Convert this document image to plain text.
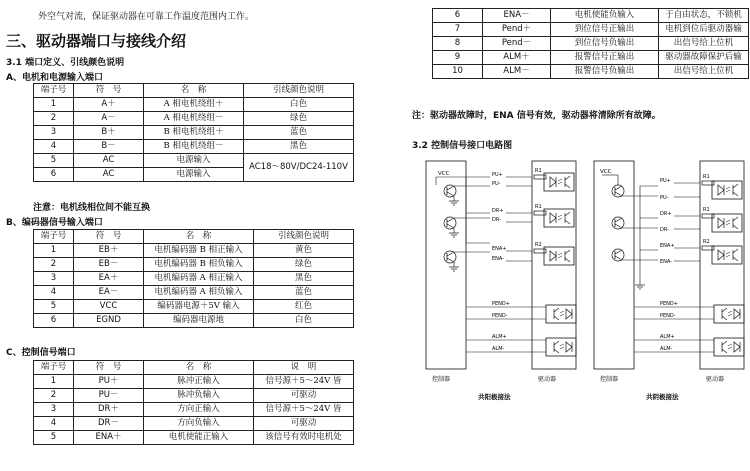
外空气对流，保证驱动器在可靠工作温度范围内工作。
三、驱动器端口与接线介绍
3.1 端口定义、引线颜色说明
A、电机和电源输入端口
端子号	符　号	名　称	引线颜色说明
1	A＋	A 相电机绕组＋	白色
2	A－	A 相电机绕组－	绿色
3	B＋	B 相电机绕组＋	蓝色
4	B－	B 相电机绕组－	黑色
5	AC	电源输入	AC18～80V/DC24-110V
6	AC	电源输入	
注意：电机线相位间不能互换
B、编码器信号输入端口
端子号	符　号	名　称	引线颜色说明
1	EB＋	电机编码器 B 相正输入	黄色
2	EB－	电机编码器 B 相负输入	绿色
3	EA＋	电机编码器 A 相正输入	黑色
4	EA－	电机编码器 A 相负输入	蓝色
5	VCC	编码器电源＋5V 输入	红色
6	EGND	编码器电源地	白色
C、控制信号端口
端子号	符　号	名　称	说　明
1	PU＋	脉冲正输入	信号源＋5～24V 皆
2	PU－	脉冲负输入	可驱动
3	DR＋	方向正输入	信号源＋5～24V 皆
4	DR－	方向负输入	可驱动
5	ENA＋	电机使能正输入	该信号有效时电机处
6	ENA－	电机使能负输入	于自由状态，不锁机
7	Pend＋	到位信号正输出	电机到位后驱动器输
8	Pend－	到位信号负输出	出信号给上位机
9	ALM＋	报警信号正输出	驱动器故障保护后输
10	ALM－	报警信号负输出	出信号给上位机
注：驱动器故障时，ENA 信号有效，驱动器将清除所有故障。
3.2 控制信号接口电路图
VCC	PU+
PU-
DR+
DR-
ENA+
ENA-
R1
R1
R2
PEND+
PEND-
ALM+
ALM-
控制器	驱动器
共阳极接法
VCC
PU+
PU-
DR+
DR-
ENA+
ENA-
R1
R1
R2
PEND+
PEND-
ALM+
ALM-
控制器	驱动器
共阴极接法
